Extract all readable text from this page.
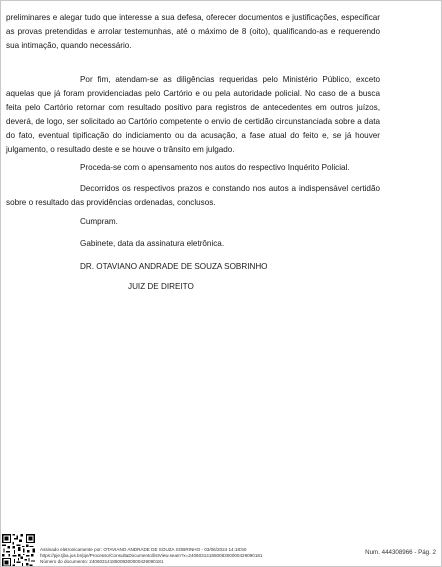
preliminares e alegar tudo que interesse a sua defesa, oferecer documentos e justificações, especificar as provas pretendidas e arrolar testemunhas, até o máximo de 8 (oito), qualificando-as e requerendo sua intimação, quando necessário.

Por fim, atendam-se as diligências requeridas pelo Ministério Público, exceto aquelas que já foram providenciadas pelo Cartório e ou pela autoridade policial. No caso de a busca feita pelo Cartório retornar com resultado positivo para registros de antecedentes em outros juízos, deverá, de logo, ser solicitado ao Cartório competente o envio de certidão circunstanciada sobre a data do fato, eventual tipificação do indiciamento ou da acusação, a fase atual do feito e, se já houver julgamento, o resultado deste e se houve o trânsito em julgado.

Proceda-se com o apensamento nos autos do respectivo Inquérito Policial.

Decorridos os respectivos prazos e constando nos autos a indispensável certidão sobre o resultado das providências ordenadas, conclusos.

Cumpram.

Gabinete, data da assinatura eletrônica.

DR. OTAVIANO ANDRADE DE SOUZA SOBRINHO

JUIZ DE DIREITO

Assinado eletronicamente por: OTAVIANO ANDRADE DE SOUZA SOBRINHO - 03/06/2024 14:18:50
https://pje.tjba.jus.br/pje/Processo/ConsultaDocumento/listView.seam?x=24060314185008300000429090181
Número do documento: 24060314185008300000429090181
Num. 444308966 - Pág. 2
